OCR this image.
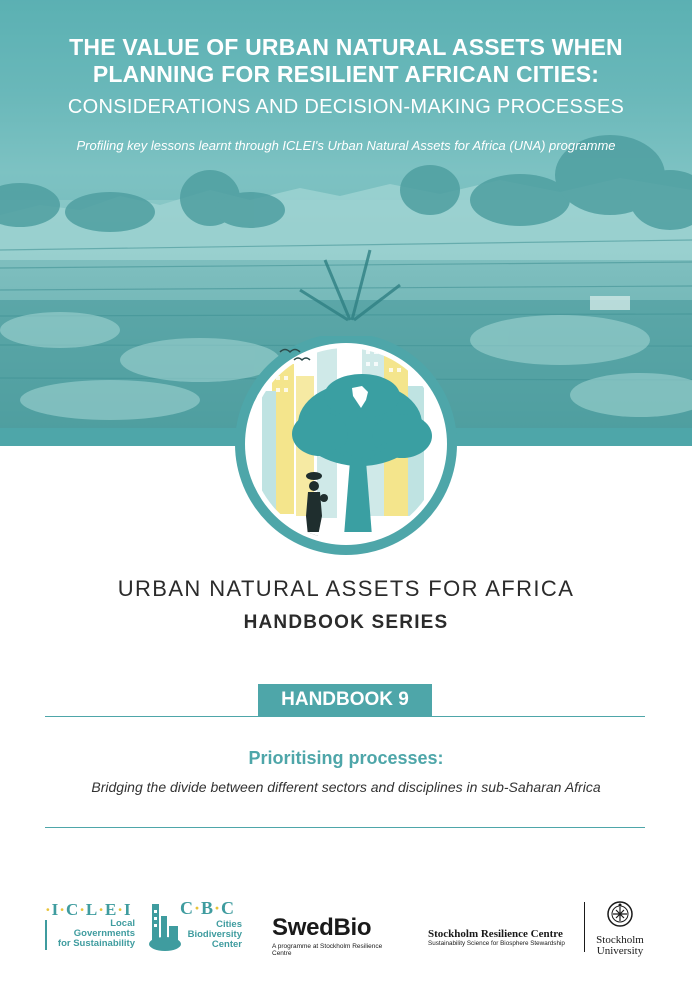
THE VALUE OF URBAN NATURAL ASSETS WHEN
PLANNING FOR RESILIENT AFRICAN CITIES:
CONSIDERATIONS AND DECISION-MAKING PROCESSES
Profiling key lessons learnt through ICLEI's Urban Natural Assets for Africa (UNA) programme
URBAN NATURAL ASSETS FOR AFRICA
HANDBOOK SERIES
HANDBOOK 9
Prioritising processes:
Bridging the divide between different sectors and disciplines in sub-Saharan Africa
·I·C·L·E·I
Local
Governments
for Sustainability
C·B·C
Cities
Biodiversity
Center
SwedBio
A programme at Stockholm Resilience Centre
Stockholm Resilience Centre
Sustainability Science for Biosphere Stewardship	Stockholm
University
